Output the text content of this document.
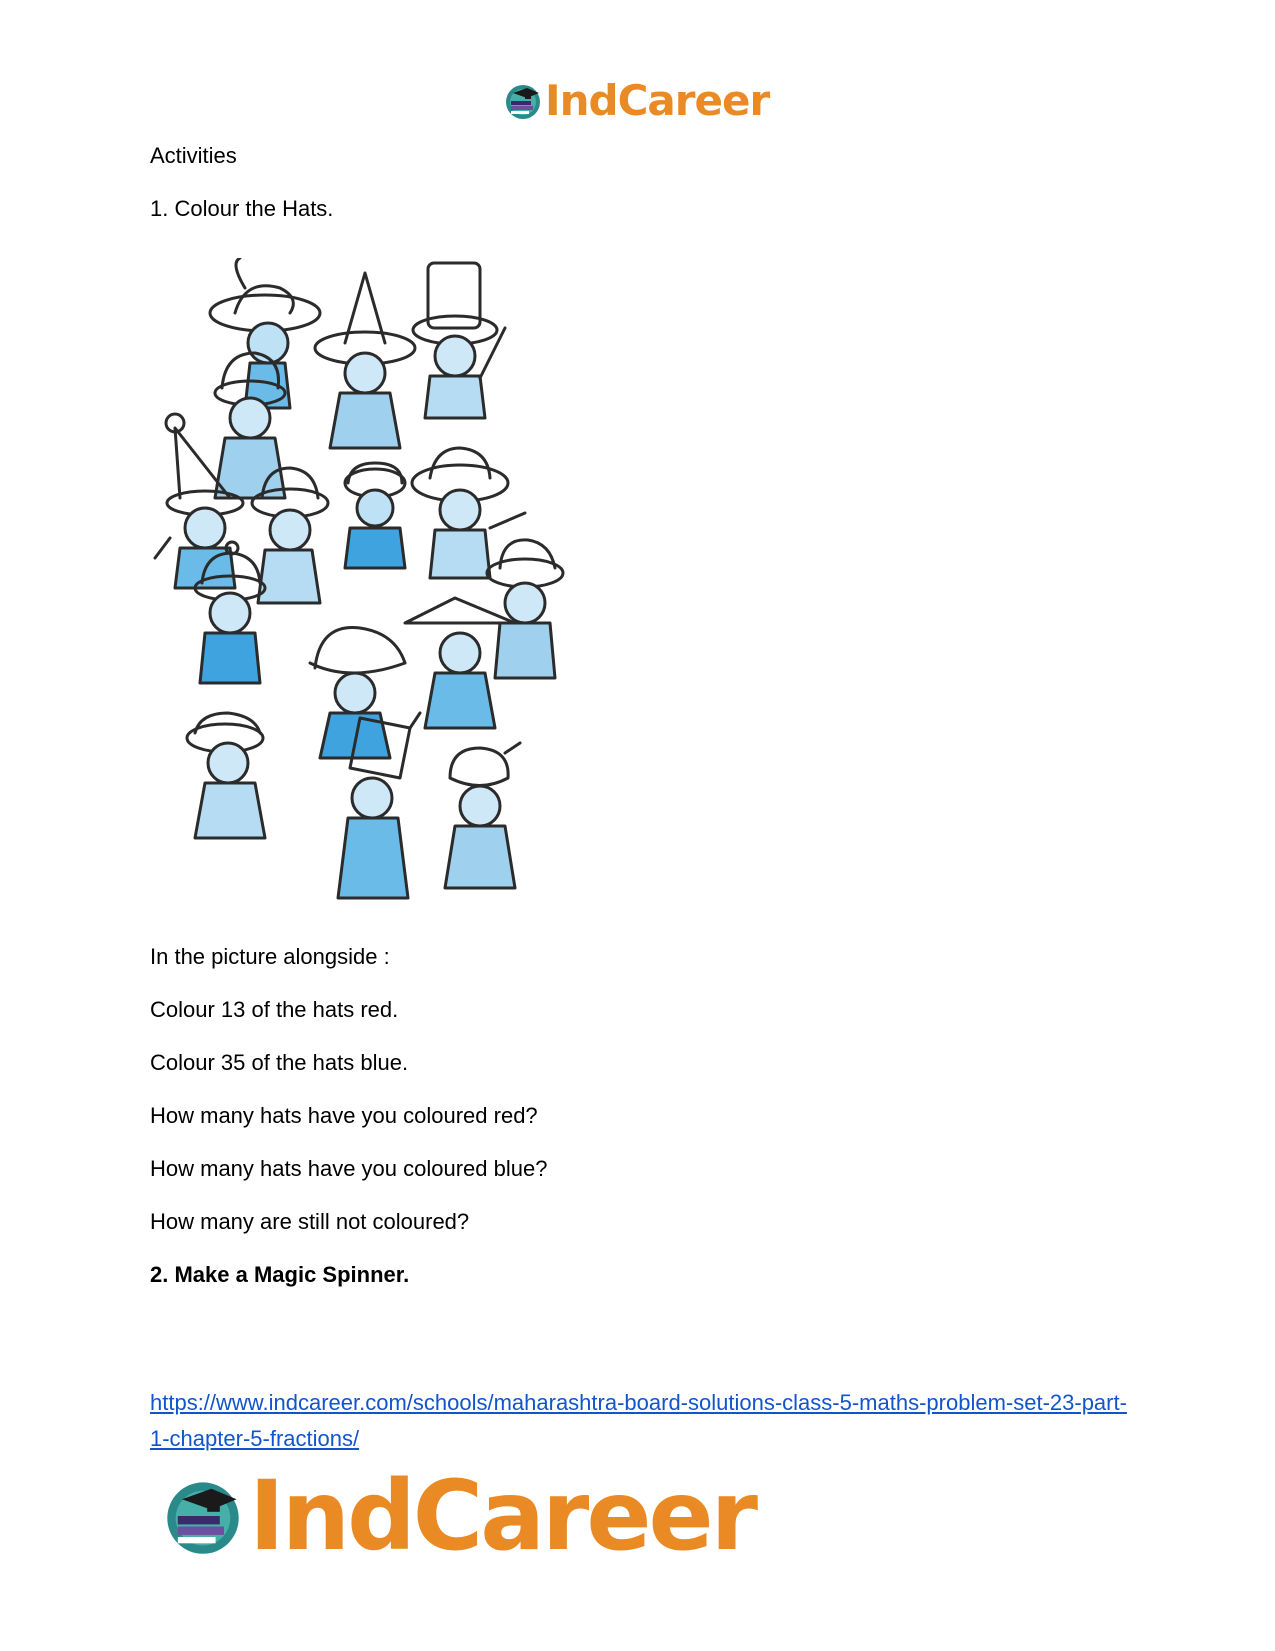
IndCareer

Activities

1. Colour the Hats.

In the picture alongside :

Colour 13 of the hats red.

Colour 35 of the hats blue.

How many hats have you coloured red?

How many hats have you coloured blue?

How many are still not coloured?

2. Make a Magic Spinner.

https://www.indcareer.com/schools/maharashtra-board-solutions-class-5-maths-problem-set-23-part-1-chapter-5-fractions/
IndCareer
